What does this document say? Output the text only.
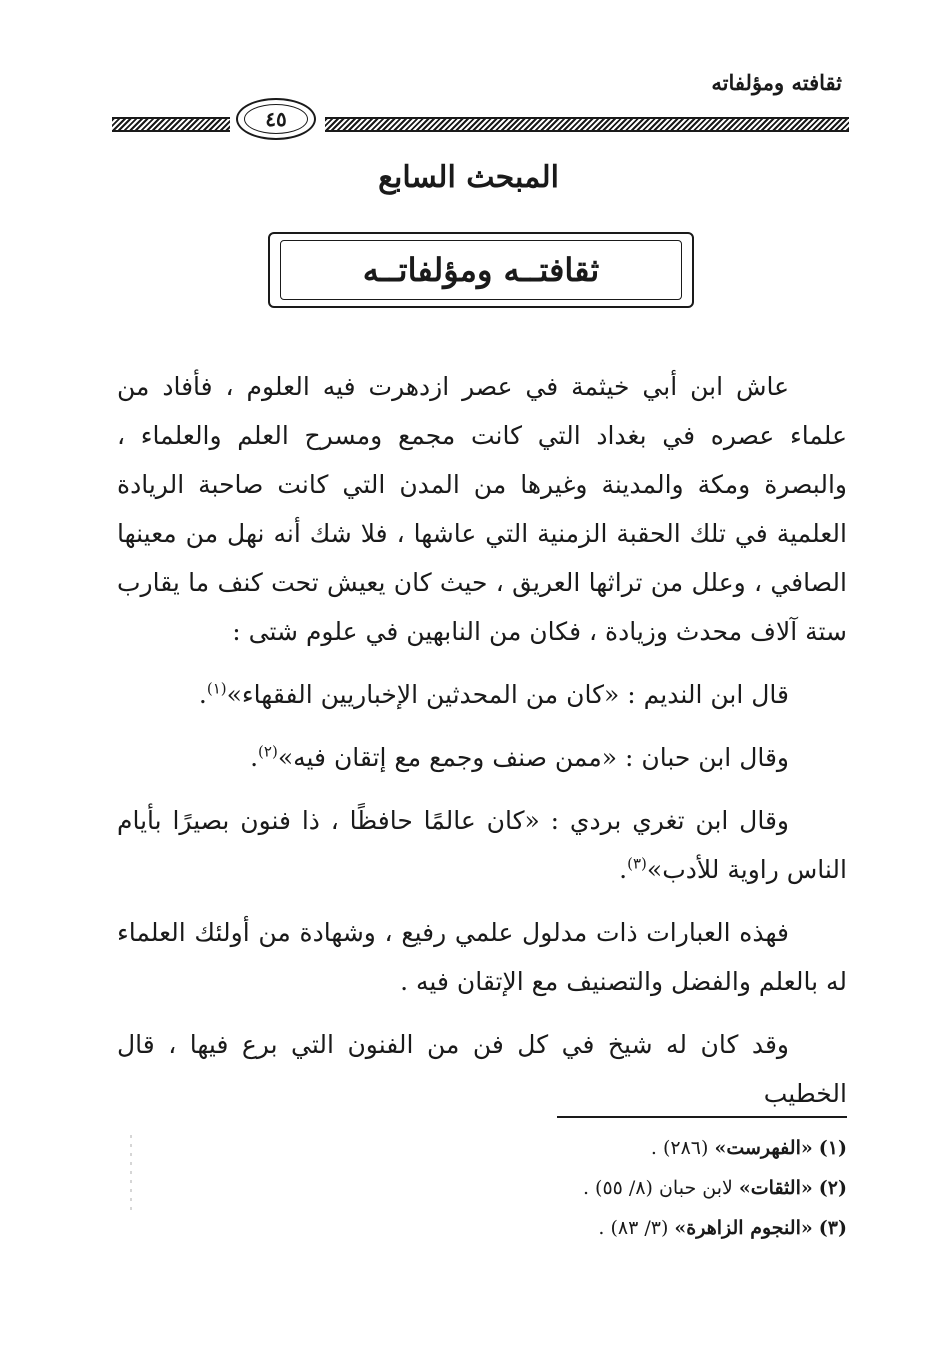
ثقافته ومؤلفاته
٤٥
المبحث السابع
ثقافتــه ومؤلفاتــه

عاش ابن أبي خيثمة في عصر ازدهرت فيه العلوم ، فأفاد من علماء عصره في بغداد التي كانت مجمع ومسرح العلم والعلماء ، والبصرة ومكة والمدينة وغيرها من المدن التي كانت صاحبة الريادة العلمية في تلك الحقبة الزمنية التي عاشها ، فلا شك أنه نهل من معينها الصافي ، وعلل من تراثها العريق ، حيث كان يعيش تحت كنف ما يقارب ستة آلاف محدث وزيادة ، فكان من النابهين في علوم شتى :

قال ابن النديم : «كان من المحدثين الإخباريين الفقهاء»$^{(١)}$.

وقال ابن حبان : «ممن صنف وجمع مع إتقان فيه»$^{(٢)}$.

وقال ابن تغري بردي : «كان عالمًا حافظًا ، ذا فنون بصيرًا بأيام الناس راوية للأدب»$^{(٣)}$.

فهذه العبارات ذات مدلول علمي رفيع ، وشهادة من أولئك العلماء له بالعلم والفضل والتصنيف مع الإتقان فيه .

وقد كان له شيخ في كل فن من الفنون التي برع فيها ، قال الخطيب

(١) «الفهرست» (٢٨٦) .
(٢) «الثقات» لابن حبان (٨/ ٥٥) .
(٣) «النجوم الزاهرة» (٣/ ٨٣) .
